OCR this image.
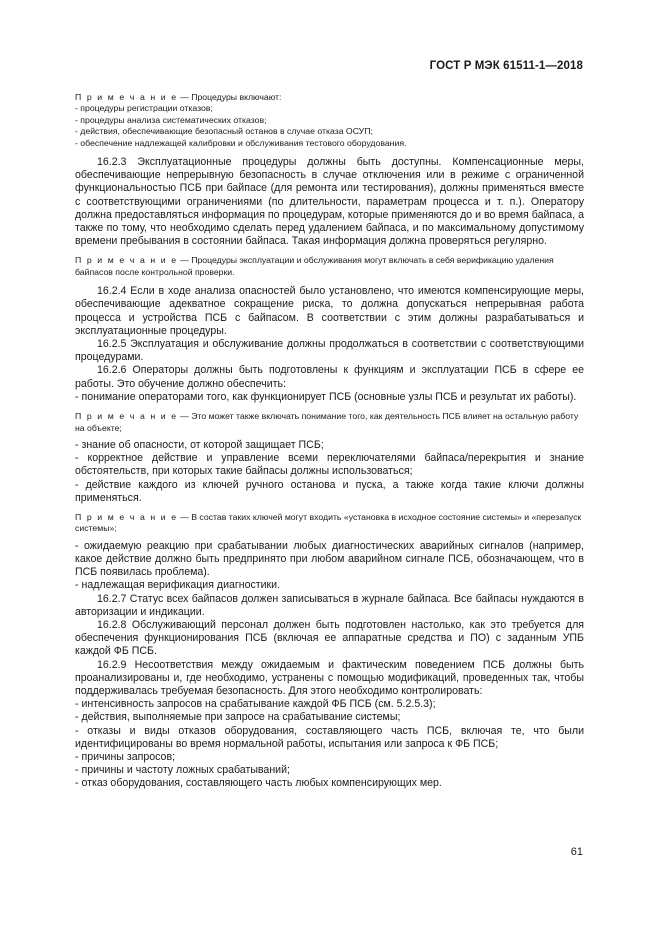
ГОСТ Р МЭК 61511-1—2018

П р и м е ч а н и е — Процедуры включают:

- процедуры регистрации отказов;

- процедуры анализа систематических отказов;

- действия, обеспечивающие безопасный останов в случае отказа ОСУП;

- обеспечение надлежащей калибровки и обслуживания тестового оборудования.

16.2.3 Эксплуатационные процедуры должны быть доступны. Компенсационные меры, обеспечивающие непрерывную безопасность в случае отключения или в режиме с ограниченной функциональностью ПСБ при байпасе (для ремонта или тестирования), должны применяться вместе с соответствующими ограничениями (по длительности, параметрам процесса и т. п.). Оператору должна предоставляться информация по процедурам, которые применяются до и во время байпаса, а также по тому, что необходимо сделать перед удалением байпаса, и по максимальному допустимому времени пребывания в состоянии байпаса. Такая информация должна проверяться регулярно.

П р и м е ч а н и е — Процедуры эксплуатации и обслуживания могут включать в себя верификацию удаления байпасов после контрольной проверки.

16.2.4 Если в ходе анализа опасностей было установлено, что имеются компенсирующие меры, обеспечивающие адекватное сокращение риска, то должна допускаться непрерывная работа процесса и устройства ПСБ с байпасом. В соответствии с этим должны разрабатываться и эксплуатационные процедуры.

16.2.5 Эксплуатация и обслуживание должны продолжаться в соответствии с соответствующими процедурами.

16.2.6 Операторы должны быть подготовлены к функциям и эксплуатации ПСБ в сфере ее работы. Это обучение должно обеспечить:

- понимание операторами того, как функционирует ПСБ (основные узлы ПСБ и результат их работы).

П р и м е ч а н и е — Это может также включать понимание того, как деятельность ПСБ влияет на остальную работу на объекте;

- знание об опасности, от которой защищает ПСБ;

- корректное действие и управление всеми переключателями байпаса/перекрытия и знание обстоятельств, при которых такие байпасы должны использоваться;

- действие каждого из ключей ручного останова и пуска, а также когда такие ключи должны применяться.

П р и м е ч а н и е — В состав таких ключей могут входить «установка в исходное состояние системы» и «перезапуск системы»;

- ожидаемую реакцию при срабатывании любых диагностических аварийных сигналов (например, какое действие должно быть предпринято при любом аварийном сигнале ПСБ, обозначающем, что в ПСБ появилась проблема).

- надлежащая верификация диагностики.

16.2.7 Статус всех байпасов должен записываться в журнале байпаса. Все байпасы нуждаются в авторизации и индикации.

16.2.8 Обслуживающий персонал должен быть подготовлен настолько, как это требуется для обеспечения функционирования ПСБ (включая ее аппаратные средства и ПО) с заданным УПБ каждой ФБ ПСБ.

16.2.9 Несоответствия между ожидаемым и фактическим поведением ПСБ должны быть проанализированы и, где необходимо, устранены с помощью модификаций, проведенных так, чтобы поддерживалась требуемая безопасность. Для этого необходимо контролировать:

- интенсивность запросов на срабатывание каждой ФБ ПСБ (см. 5.2.5.3);

- действия, выполняемые при запросе на срабатывание системы;

- отказы и виды отказов оборудования, составляющего часть ПСБ, включая те, что были идентифицированы во время нормальной работы, испытания или запроса к ФБ ПСБ;

- причины запросов;

- причины и частоту ложных срабатываний;

- отказ оборудования, составляющего часть любых компенсирующих мер.

61
